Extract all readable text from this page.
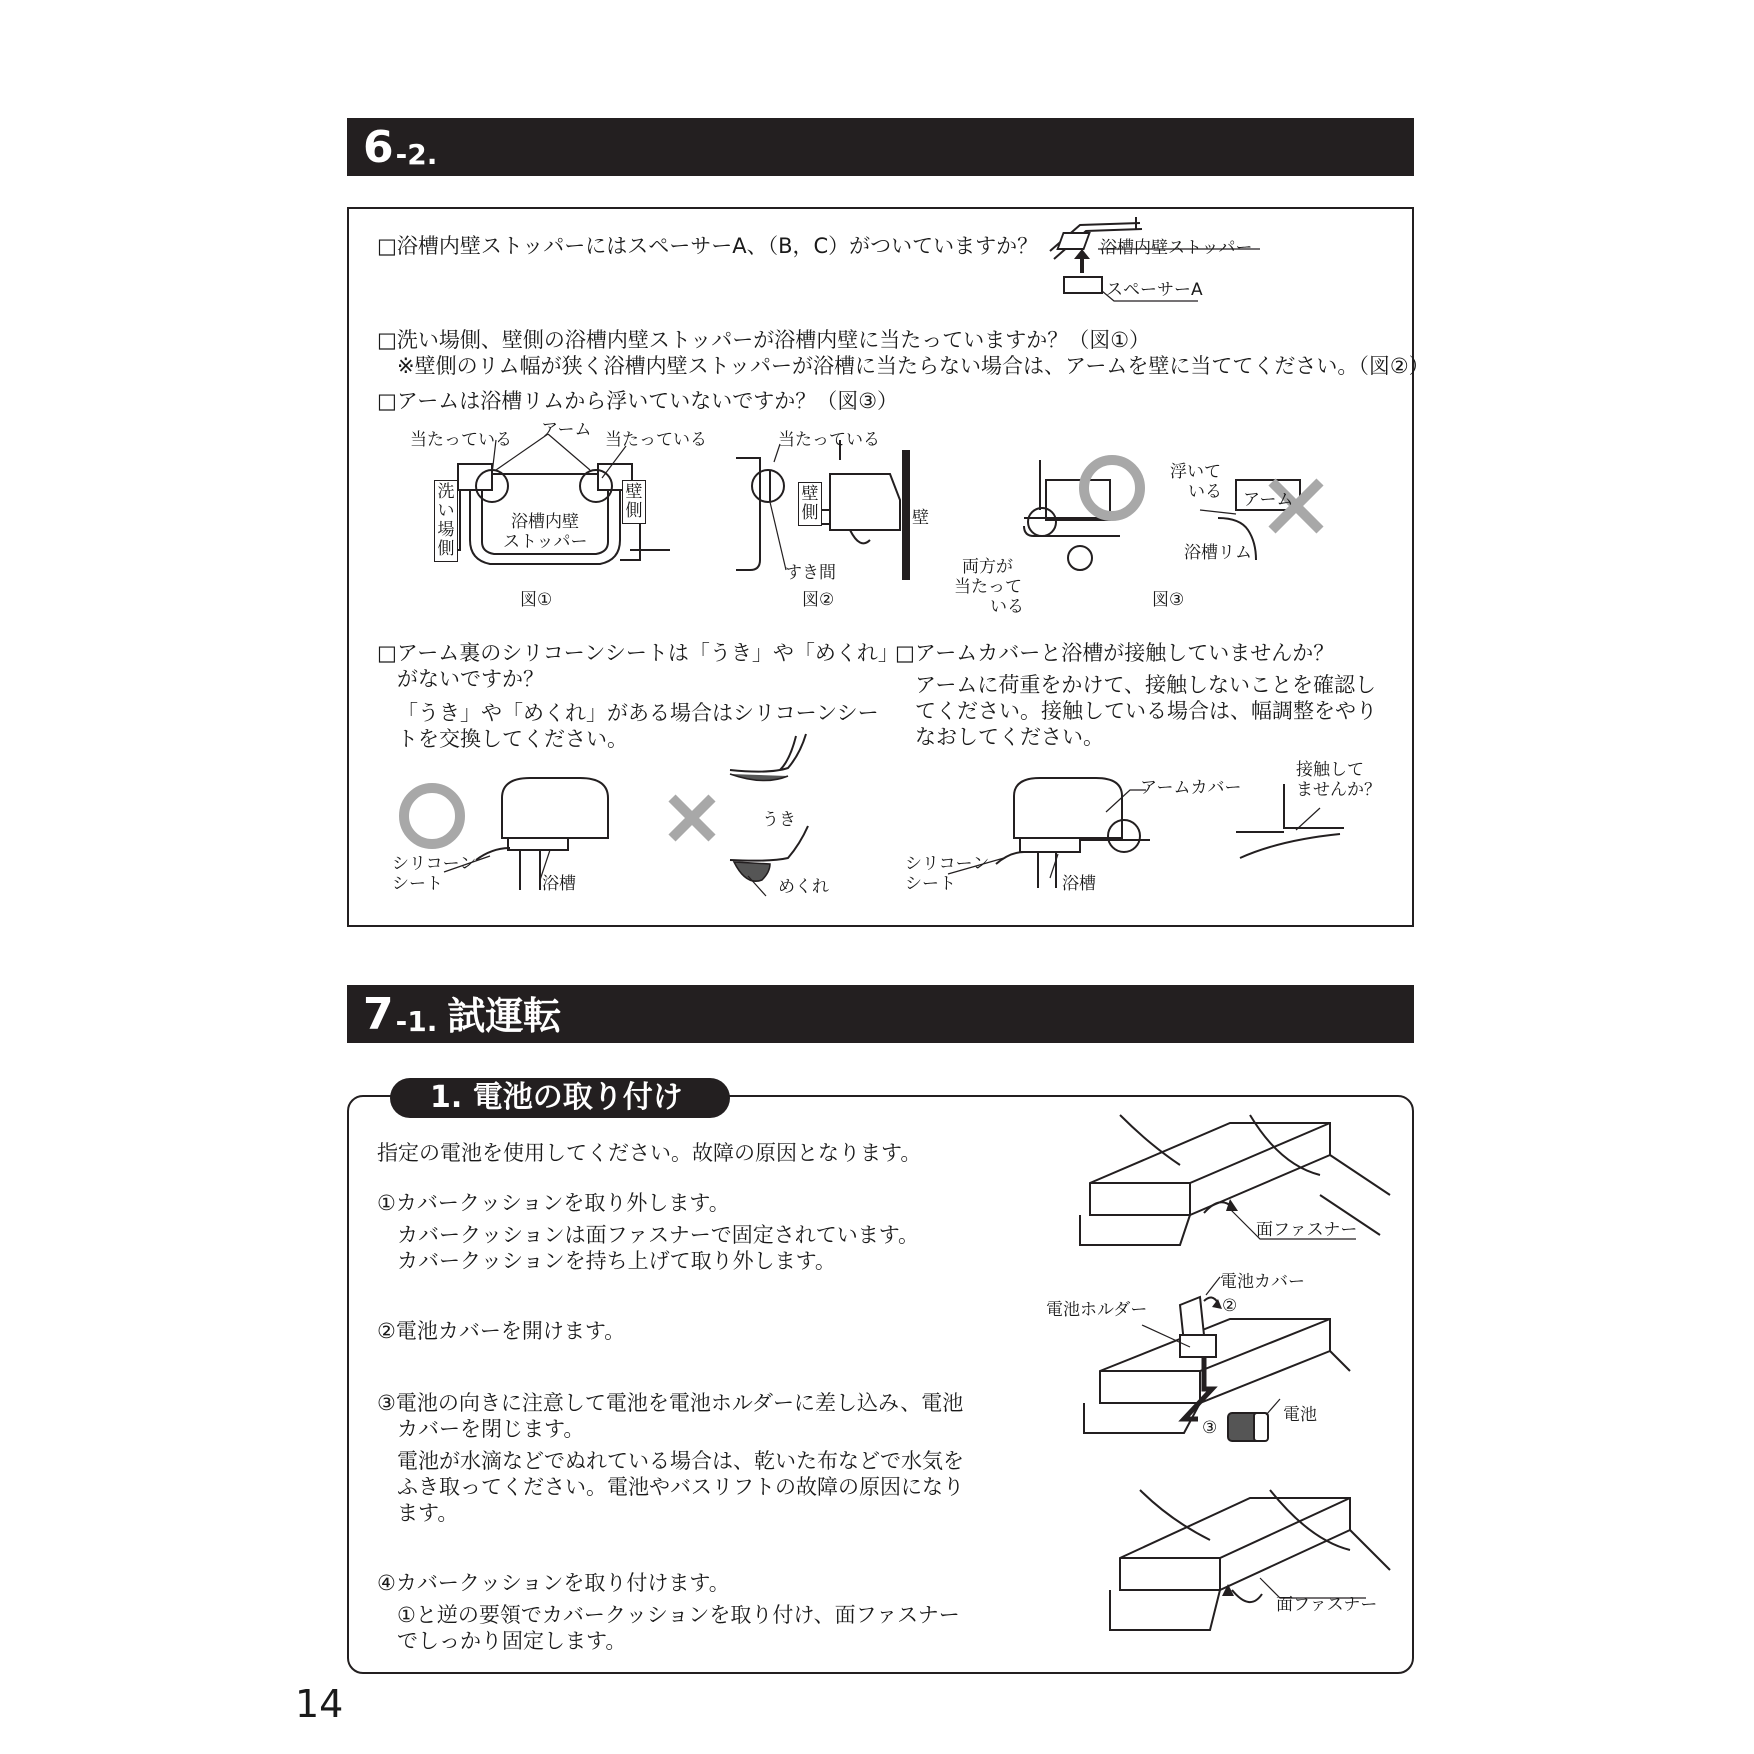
6 -2.
□浴槽内壁ストッパーにはスペーサーA、（B，C）がついていますか？	浴槽内壁ストッパー
スペーサーA
□洗い場側、壁側の浴槽内壁ストッパーが浴槽内壁に当たっていますか？（図①）
※壁側のリム幅が狭く浴槽内壁ストッパーが浴槽に当たらない場合は、アームを壁に当ててください。（図②）
□アームは浴槽リムから浮いていないですか？（図③）
当たっている アーム 当たっている
洗
い
場
側
壁
側
浴槽内壁
ストッパー
図①
当たっている
壁
側	壁
すき間
図②
両方が
当たって
いる
浮いて
いる アーム
浴槽リム
図③
□アーム裏のシリコーンシートは「うき」や「めくれ」
がないですか？
「うき」や「めくれ」がある場合はシリコーンシー
トを交換してください。
シリコーン
シート	浴槽
うき
めくれ
□アームカバーと浴槽が接触していませんか？
アームに荷重をかけて、接触しないことを確認し
てください。接触している場合は、幅調整をやり
なおしてください。
アームカバー
接触して
ませんか？
シリコーン
シート	浴槽
7 -1. 試運転
1. 電池の取り付け
指定の電池を使用してください。故障の原因となります。
①カバークッションを取り外します。
カバークッションは面ファスナーで固定されています。
カバークッションを持ち上げて取り外します。
②電池カバーを開けます。
③電池の向きに注意して電池を電池ホルダーに差し込み、電池
カバーを閉じます。
電池が水滴などでぬれている場合は、乾いた布などで水気を
ふき取ってください。電池やバスリフトの故障の原因になり
ます。
④カバークッションを取り付けます。
①と逆の要領でカバークッションを取り付け、面ファスナー
でしっかり固定します。
面ファスナー
電池カバー
電池ホルダー
電池
②
③
面ファスナー
14
